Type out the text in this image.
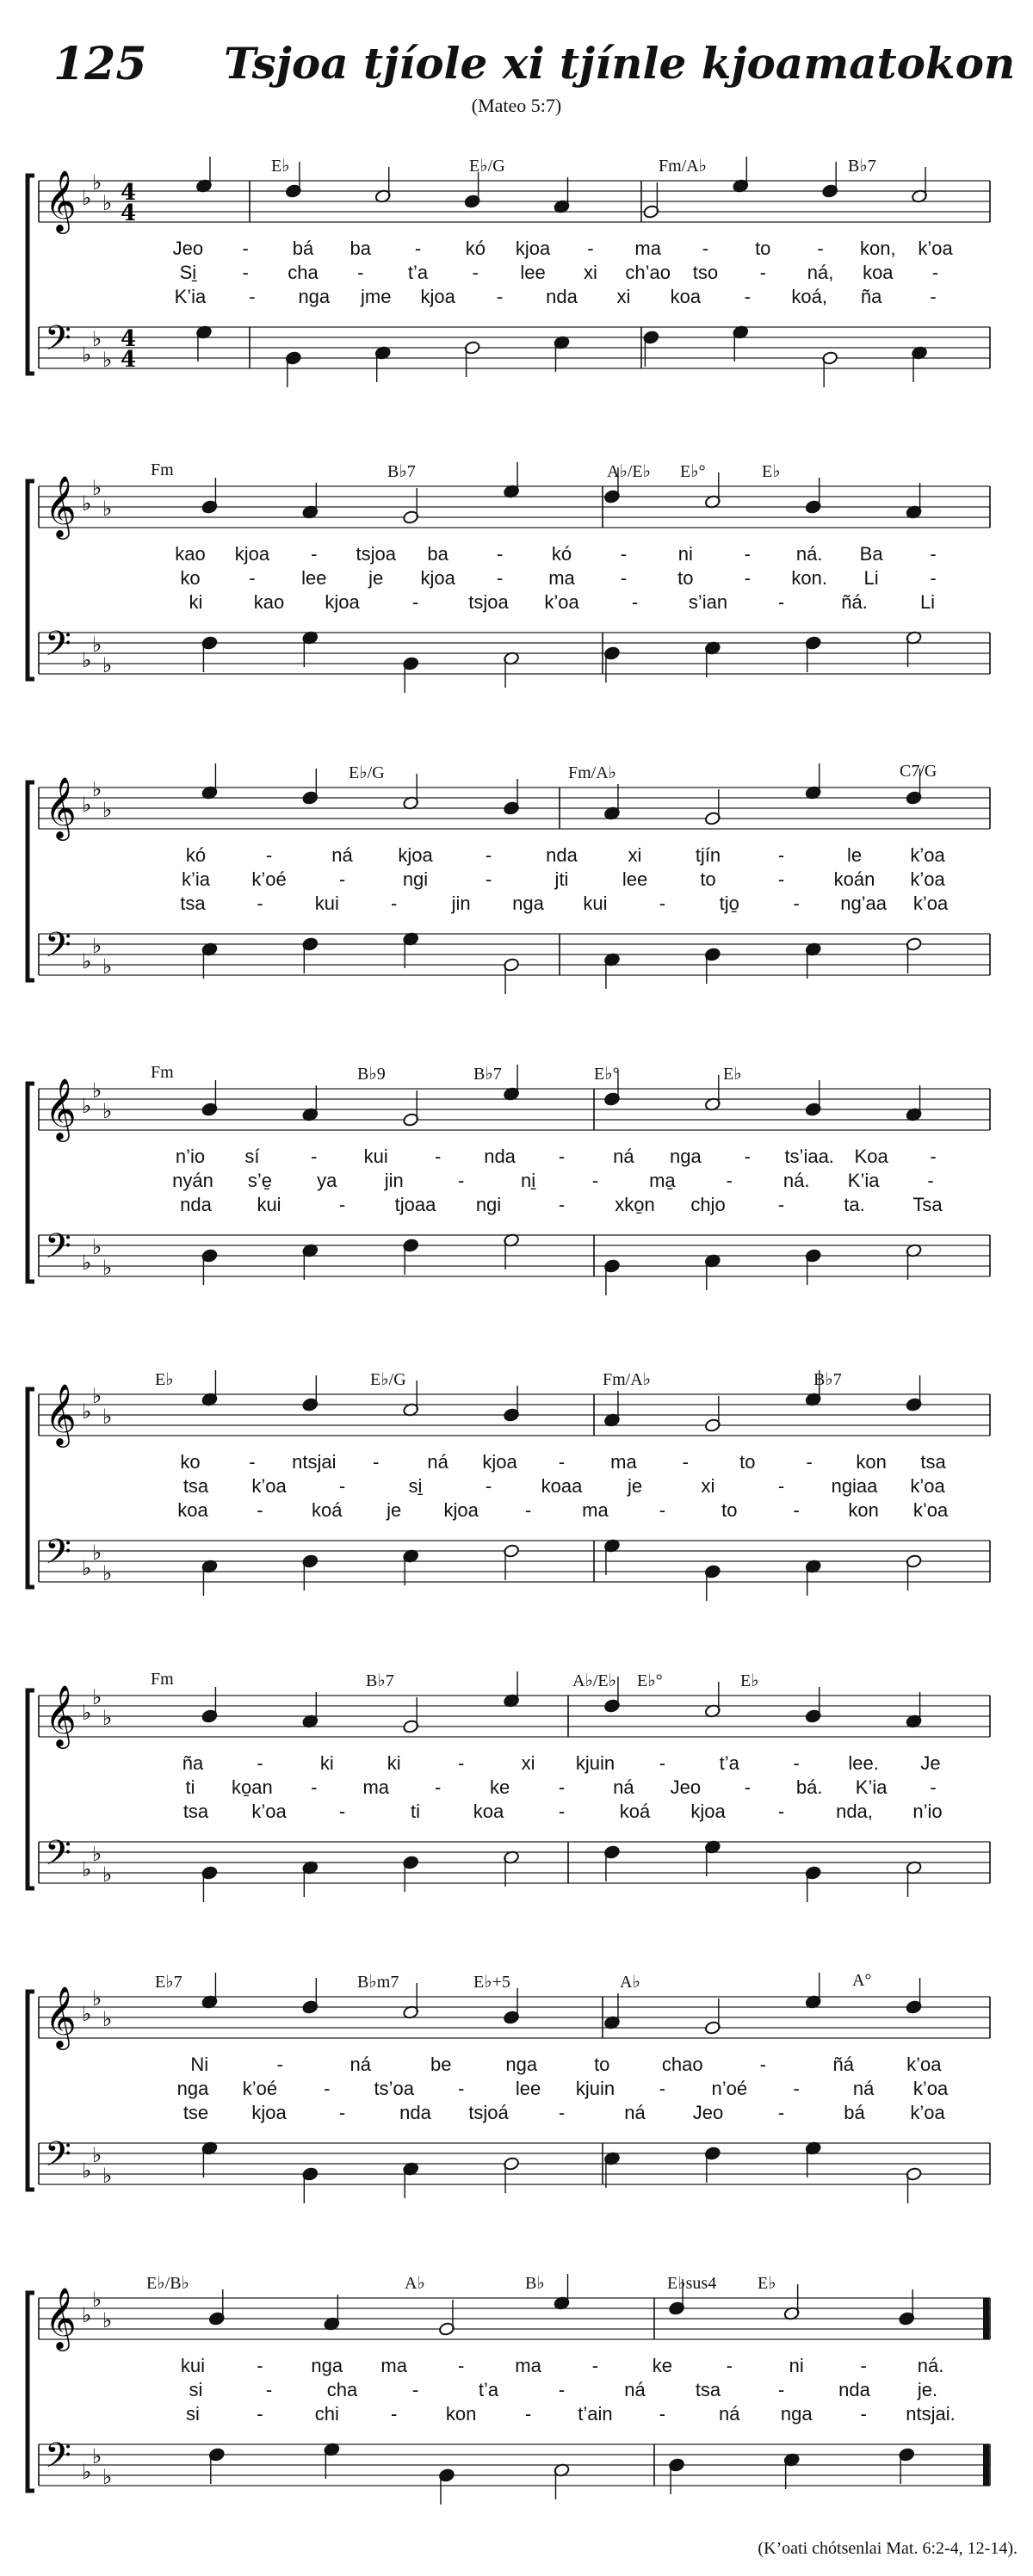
125 Tsjoa tjíole xi tjínle kjoamatokon
(Mateo 5:7)
𝄞
𝄢
♭
♭
♭
♭
♭
♭
4
4
4
4
E♭	E♭/G	Fm/A♭	B♭7
Jeo - bá ba - kó kjoa - ma - to - kon, k’oa
Si̱ - cha - t’a - lee xi ch’ao tso - ná, koa -
K’ia - nga jme kjoa - nda xi koa - koá, ña	-
𝄞
𝄢
♭
♭
♭
♭
♭
♭
Fm	B♭7	A♭/E♭ E♭°	E♭
kao kjoa - tsjoa ba	-	kó	-	ni	- ná. Ba -
ko	- lee je kjoa - ma -	to	- kon. Li	-
ki	kao kjoa	-	tsjoa k’oa	-	s’ian	-	ñá.	Li
𝄞
𝄢
♭
♭
♭
♭
♭
♭
E♭/G	Fm/A♭	C7/G
kó	-	ná kjoa	-	nda	xi	tjín	-	le	k’oa
k’ia k’oé	-	ngi	-	jti	lee	to	-	koán k’oa
tsa	-	kui	-	jin nga kui	-	tjo̱	- ng’aa k’oa
𝄞
𝄢
♭
♭
♭
♭
♭
♭
Fm	B♭9	B♭7	E♭°	E♭
n’io sí	- kui - nda -	ná nga - ts’iaa. Koa -
nyán s’e̱ ya	jin	-	ni̱	-	ma̱	-	ná. K’ia	-
nda kui	-	tjoaa ngi	-	xko̱n chjo	-	ta.	Tsa
𝄞
𝄢
♭
♭
♭
♭
♭
♭
E♭	E♭/G	Fm/A♭	B♭7
ko	- ntsjai -	ná kjoa - ma -	to	- kon tsa
tsa k’oa	-	si̱	-	koaa je	xi	- ngiaa k’oa
koa	-	koá je kjoa -	ma	-	to	-	kon k’oa
𝄞
𝄢
♭
♭
♭
♭
♭
♭
Fm	B♭7	A♭/E♭ E♭°	E♭
ña	-	ki	ki	-	xi kjuin -	t’a	-	lee. Je
ti ko̱an - ma -	ke	-	ná Jeo - bá. K’ia -
tsa k’oa	-	ti	koa	-	koá kjoa	-	nda, n’io
𝄞
𝄢
♭
♭
♭
♭
♭
♭
E♭7	B♭m7	E♭+5	A♭	A°
Ni	-	ná	be	nga	to	chao	-	ñá	k’oa
nga k’oé - ts’oa -	lee kjuin - n’oé -	ná k’oa
tse kjoa	-	nda tsjoá	-	ná	Jeo	-	bá k’oa
𝄞
𝄢
♭
♭
♭
♭
♭
♭
E♭/B♭	A♭	B♭	E♭sus4 E♭
kui	-	nga ma	-	ma	-	ke	-	ni	-	ná.
si	-	cha	-	t’a	-	ná	tsa	-	nda	je.
si	-	chi	-	kon	- t’ain -	ná nga	- ntsjai.
(K’oati chótsenlai Mat. 6:2-4, 12-14).
